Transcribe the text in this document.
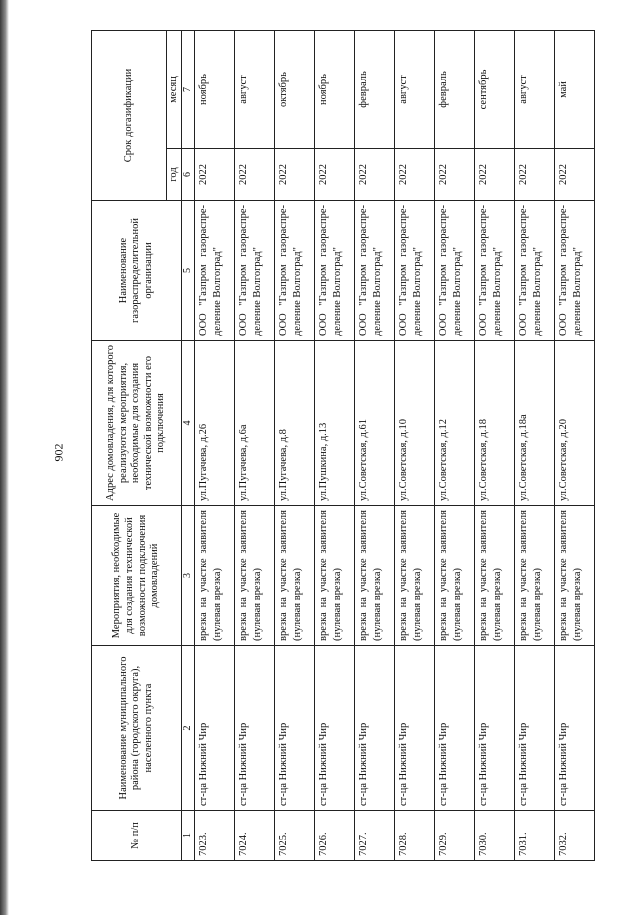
902
№ п/п	Наименование муниципального района (городского округа), населенного пункта	Мероприятия, необходимые для создания технической возможности подключения домовладений	Адрес домовладения, для которого реализуются мероприятия, необходимые для создания технической возможности его подключения	Наименование газораспределительной организации	Срок догазификации	
					год	месяц
1	2	3	4	5	6	7
7023.	ст-ца Нижний Чир	врезка на участке заявителя (нулевая врезка)	ул.Пугачева, д.26	ООО "Газпром газораспре- деление Волгоград"	2022	ноябрь
7024.	ст-ца Нижний Чир	врезка на участке заявителя (нулевая врезка)	ул.Пугачева, д.6а	ООО "Газпром газораспре- деление Волгоград"	2022	август
7025.	ст-ца Нижний Чир	врезка на участке заявителя (нулевая врезка)	ул.Пугачева, д.8	ООО "Газпром газораспре- деление Волгоград"	2022	октябрь
7026.	ст-ца Нижний Чир	врезка на участке заявителя (нулевая врезка)	ул.Пушкина, д.13	ООО "Газпром газораспре- деление Волгоград"	2022	ноябрь
7027.	ст-ца Нижний Чир	врезка на участке заявителя (нулевая врезка)	ул.Советская, д.61	ООО "Газпром газораспре- деление Волгоград"	2022	февраль
7028.	ст-ца Нижний Чир	врезка на участке заявителя (нулевая врезка)	ул.Советская, д.10	ООО "Газпром газораспре- деление Волгоград"	2022	август
7029.	ст-ца Нижний Чир	врезка на участке заявителя (нулевая врезка)	ул.Советская, д.12	ООО "Газпром газораспре- деление Волгоград"	2022	февраль
7030.	ст-ца Нижний Чир	врезка на участке заявителя (нулевая врезка)	ул.Советская, д.18	ООО "Газпром газораспре- деление Волгоград"	2022	сентябрь
7031.	ст-ца Нижний Чир	врезка на участке заявителя (нулевая врезка)	ул.Советская, д.18а	ООО "Газпром газораспре- деление Волгоград"	2022	август
7032.	ст-ца Нижний Чир	врезка на участке заявителя (нулевая врезка)	ул.Советская, д.20	ООО "Газпром газораспре- деление Волгоград"	2022	май
